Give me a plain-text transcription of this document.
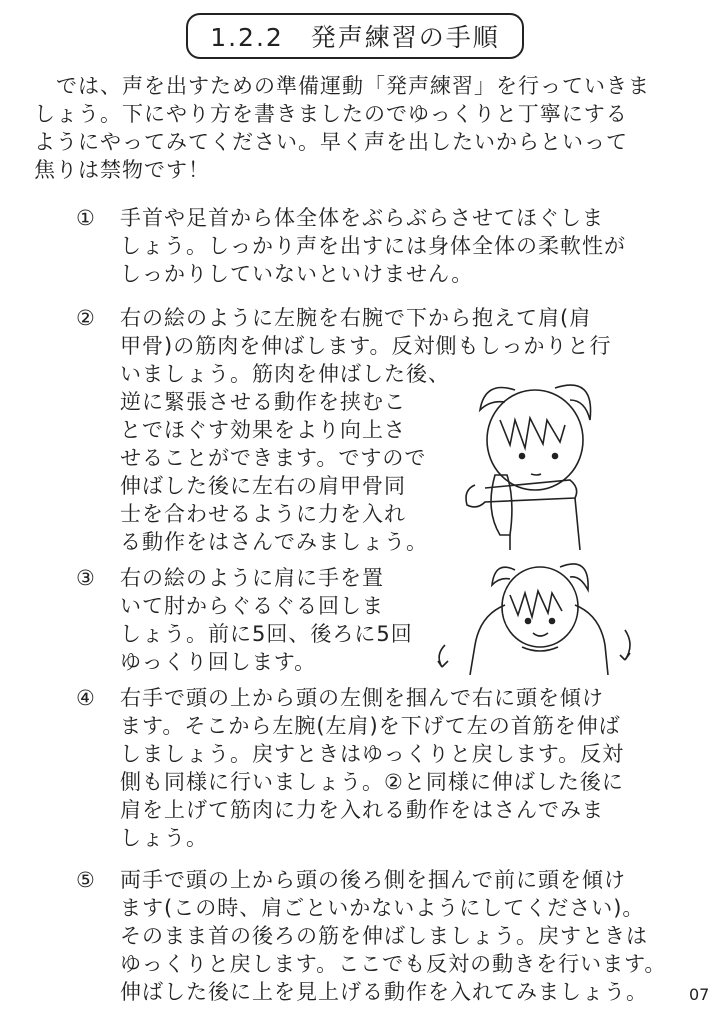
1.2.2　発声練習の手順
　では、声を出すための準備運動「発声練習」を行っていきま
しょう。下にやり方を書きましたのでゆっくりと丁寧にする
ようにやってみてください。早く声を出したいからといって
焦りは禁物です！
① 手首や足首から体全体をぶらぶらさせてほぐしま
しょう。しっかり声を出すには身体全体の柔軟性が
しっかりしていないといけません。
② 右の絵のように左腕を右腕で下から抱えて肩(肩
甲骨)の筋肉を伸ばします。反対側もしっかりと行
いましょう。筋肉を伸ばした後、
逆に緊張させる動作を挟むこ
とでほぐす効果をより向上さ
せることができます。ですので
伸ばした後に左右の肩甲骨同
士を合わせるように力を入れ
る動作をはさんでみましょう。
③ 右の絵のように肩に手を置
いて肘からぐるぐる回しま
しょう。前に5回、後ろに5回
ゆっくり回します。
④ 右手で頭の上から頭の左側を掴んで右に頭を傾け
ます。そこから左腕(左肩)を下げて左の首筋を伸ば
しましょう。戻すときはゆっくりと戻します。反対
側も同様に行いましょう。②と同様に伸ばした後に
肩を上げて筋肉に力を入れる動作をはさんでみま
しょう。
⑤ 両手で頭の上から頭の後ろ側を掴んで前に頭を傾け
ます(この時、肩ごといかないようにしてください)。
そのまま首の後ろの筋を伸ばしましょう。戻すときは
ゆっくりと戻します。ここでも反対の動きを行います。
伸ばした後に上を見上げる動作を入れてみましょう。	07
